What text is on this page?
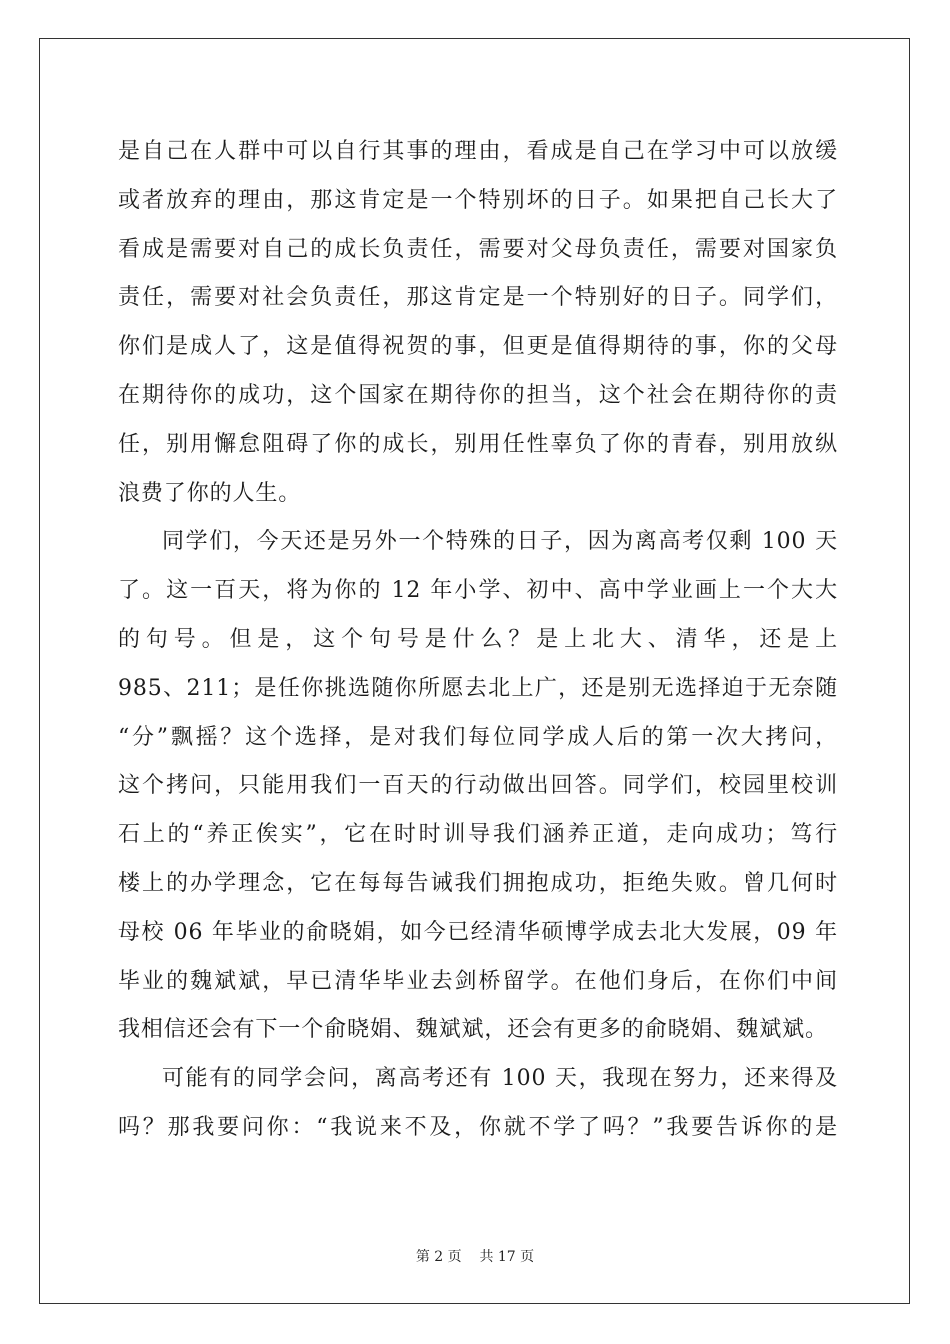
是自己在人群中可以自行其事的理由，看成是自己在学习中可以放缓
或者放弃的理由，那这肯定是一个特别坏的日子。如果把自己长大了
看成是需要对自己的成长负责任，需要对父母负责任，需要对国家负
责任，需要对社会负责任，那这肯定是一个特别好的日子。同学们，
你们是成人了，这是值得祝贺的事，但更是值得期待的事，你的父母
在期待你的成功，这个国家在期待你的担当，这个社会在期待你的责
任，别用懈怠阻碍了你的成长，别用任性辜负了你的青春，别用放纵
浪费了你的人生。
同学们，今天还是另外一个特殊的日子，因为离高考仅剩 100 天
了。这一百天，将为你的 12 年小学、初中、高中学业画上一个大大
的句号。但是，这个句号是什么？是上北大、清华，还是上
985、211；是任你挑选随你所愿去北上广，还是别无选择迫于无奈随
“分”飘摇？这个选择，是对我们每位同学成人后的第一次大拷问，
这个拷问，只能用我们一百天的行动做出回答。同学们，校园里校训
石上的“养正俟实”，它在时时训导我们涵养正道，走向成功；笃行
楼上的办学理念，它在每每告诫我们拥抱成功，拒绝失败。曾几何时
母校 06 年毕业的俞晓娟，如今已经清华硕博学成去北大发展，09 年
毕业的魏斌斌，早已清华毕业去剑桥留学。在他们身后，在你们中间
我相信还会有下一个俞晓娟、魏斌斌，还会有更多的俞晓娟、魏斌斌。
可能有的同学会问，离高考还有 100 天，我现在努力，还来得及
吗？那我要问你：“我说来不及，你就不学了吗？”我要告诉你的是
第 2 页 共 17 页
